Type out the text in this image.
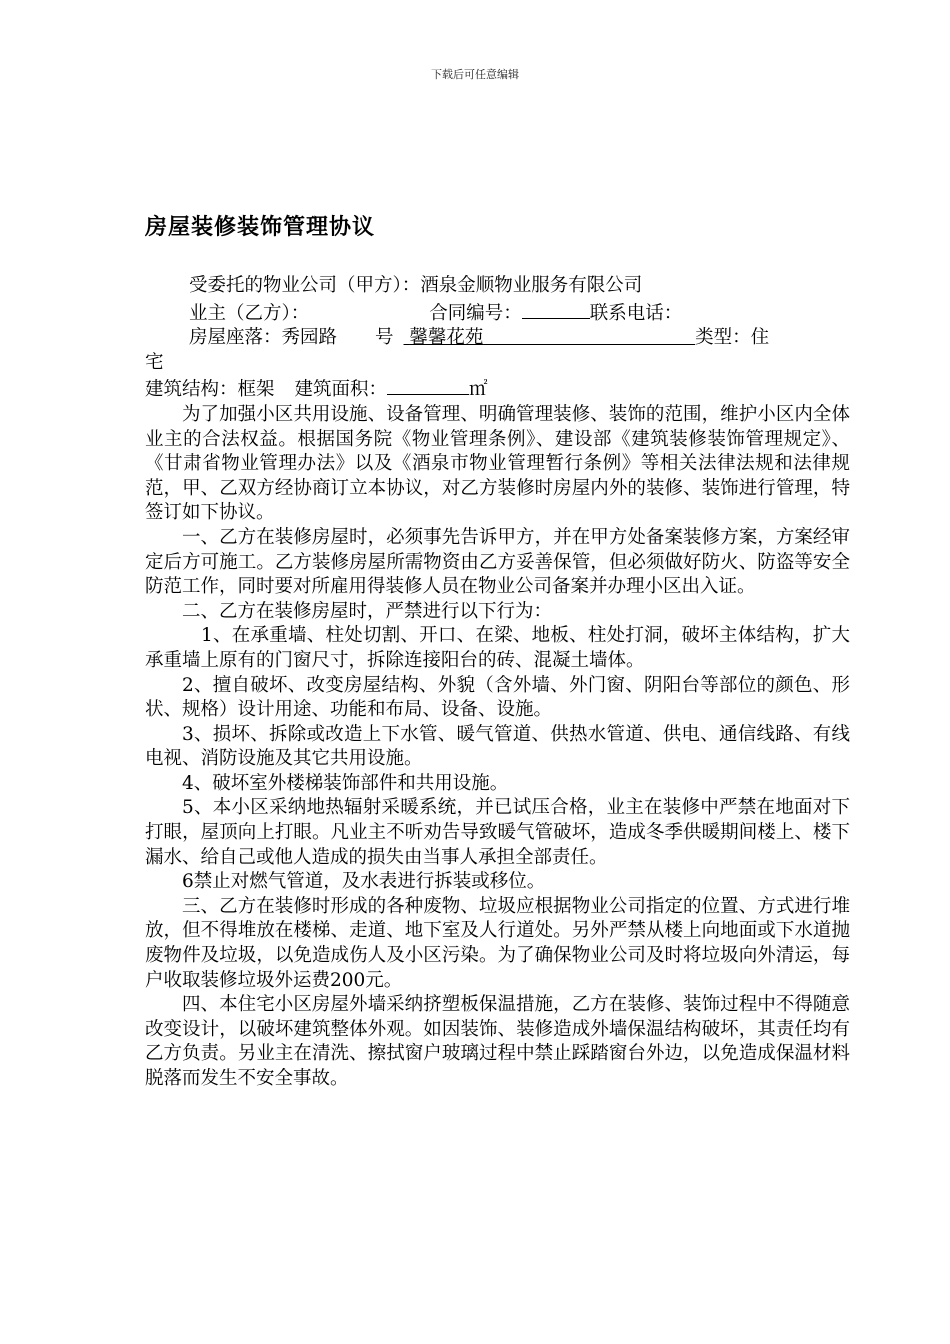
下载后可任意编辑
房屋装修装饰管理协议
受委托的物业公司（甲方）：酒泉金顺物业服务有限公司
业主（乙方）：	合同编号：	联系电话：
房屋座落：秀园路 号 馨馨花苑	类型：住
宅
建筑结构：框架 建筑面积：	㎡
为了加强小区共用设施、设备管理、明确管理装修、装饰的范围，维护小区内全体业主的合法权益。根据国务院《物业管理条例》、建设部《建筑装修装饰管理规定》、《甘肃省物业管理办法》以及《酒泉市物业管理暂行条例》等相关法律法规和法律规范，甲、乙双方经协商订立本协议，对乙方装修时房屋内外的装修、装饰进行管理，特签订如下协议。
一、乙方在装修房屋时，必须事先告诉甲方，并在甲方处备案装修方案，方案经审定后方可施工。乙方装修房屋所需物资由乙方妥善保管，但必须做好防火、防盗等安全防范工作，同时要对所雇用得装修人员在物业公司备案并办理小区出入证。
二、乙方在装修房屋时，严禁进行以下行为：
1、在承重墙、柱处切割、开口、在梁、地板、柱处打洞，破坏主体结构，扩大承重墙上原有的门窗尺寸，拆除连接阳台的砖、混凝土墙体。
2、擅自破坏、改变房屋结构、外貌（含外墙、外门窗、阴阳台等部位的颜色、形状、规格）设计用途、功能和布局、设备、设施。
3、损坏、拆除或改造上下水管、暖气管道、供热水管道、供电、通信线路、有线电视、消防设施及其它共用设施。
4、破坏室外楼梯装饰部件和共用设施。
5、本小区采纳地热辐射采暖系统，并已试压合格，业主在装修中严禁在地面对下打眼，屋顶向上打眼。凡业主不听劝告导致暖气管破坏，造成冬季供暖期间楼上、楼下漏水、给自己或他人造成的损失由当事人承担全部责任。
6禁止对燃气管道，及水表进行拆装或移位。
三、乙方在装修时形成的各种废物、垃圾应根据物业公司指定的位置、方式进行堆放，但不得堆放在楼梯、走道、地下室及人行道处。另外严禁从楼上向地面或下水道抛废物件及垃圾，以免造成伤人及小区污染。为了确保物业公司及时将垃圾向外清运，每户收取装修垃圾外运费200元。
四、本住宅小区房屋外墙采纳挤塑板保温措施，乙方在装修、装饰过程中不得随意改变设计，以破坏建筑整体外观。如因装饰、装修造成外墙保温结构破坏，其责任均有乙方负责。另业主在清洗、擦拭窗户玻璃过程中禁止踩踏窗台外边，以免造成保温材料脱落而发生不安全事故。
